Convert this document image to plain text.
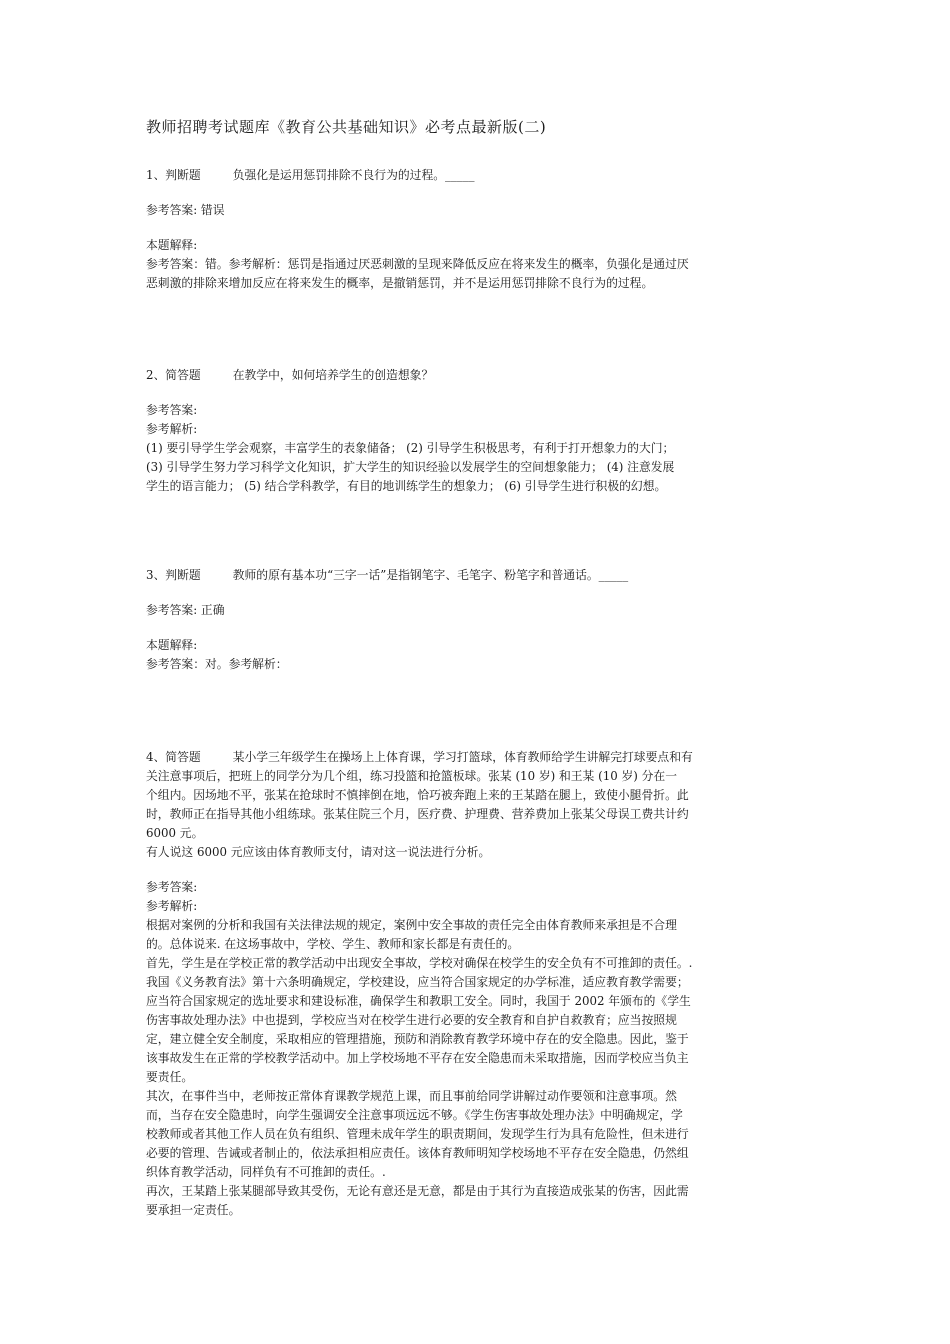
教师招聘考试题库《教育公共基础知识》必考点最新版(二)
1、判断题	负强化是运用惩罚排除不良行为的过程。_____
参考答案: 错误
本题解释:
参考答案：错。参考解析：惩罚是指通过厌恶刺激的呈现来降低反应在将来发生的概率，负强化是通过厌
恶刺激的排除来增加反应在将来发生的概率，是撤销惩罚，并不是运用惩罚排除不良行为的过程。
2、简答题	在教学中，如何培养学生的创造想象？
参考答案:
参考解析:
(1) 要引导学生学会观察，丰富学生的表象储备； (2) 引导学生积极思考，有利于打开想象力的大门；
(3) 引导学生努力学习科学文化知识，扩大学生的知识经验以发展学生的空间想象能力； (4) 注意发展
学生的语言能力； (5) 结合学科教学，有目的地训练学生的想象力； (6) 引导学生进行积极的幻想。
3、判断题	教师的原有基本功“三字一话”是指钢笔字、毛笔字、粉笔字和普通话。_____
参考答案: 正确
本题解释:
参考答案：对。参考解析：
4、简答题	某小学三年级学生在操场上上体育课，学习打篮球，体育教师给学生讲解完打球要点和有
关注意事项后，把班上的同学分为几个组，练习投篮和抢篮板球。张某 (10 岁) 和王某 (10 岁) 分在一
个组内。因场地不平，张某在抢球时不慎摔倒在地，恰巧被奔跑上来的王某踏在腿上，致使小腿骨折。此
时，教师正在指导其他小组练球。张某住院三个月，医疗费、护理费、营养费加上张某父母误工费共计约
6000 元。
有人说这 6000 元应该由体育教师支付，请对这一说法进行分析。
参考答案:
参考解析:
根据对案例的分析和我国有关法律法规的规定，案例中安全事故的责任完全由体育教师来承担是不合理
的。总体说来. 在这场事故中，学校、学生、教师和家长都是有责任的。
首先，学生是在学校正常的教学活动中出现安全事故，学校对确保在校学生的安全负有不可推卸的责任。.
我国《义务教育法》第十六条明确规定，学校建设，应当符合国家规定的办学标准，适应教育教学需要；
应当符合国家规定的选址要求和建设标准，确保学生和教职工安全。同时，我国于 2002 年颁布的《学生
伤害事故处理办法》中也提到，学校应当对在校学生进行必要的安全教育和自护自救教育；应当按照规
定，建立健全安全制度，采取相应的管理措施，预防和消除教育教学环境中存在的安全隐患。因此，鉴于
该事故发生在正常的学校教学活动中。加上学校场地不平存在安全隐患而未采取措施，因而学校应当负主
要责任。
其次，在事件当中，老师按正常体育课教学规范上课，而且事前给同学讲解过动作要领和注意事项。然
而，当存在安全隐患时，向学生强调安全注意事项远远不够。《学生伤害事故处理办法》中明确规定，学
校教师或者其他工作人员在负有组织、管理未成年学生的职责期间，发现学生行为具有危险性，但未进行
必要的管理、告诫或者制止的，依法承担相应责任。该体育教师明知学校场地不平存在安全隐患，仍然组
织体育教学活动，同样负有不可推卸的责任。.
再次，王某踏上张某腿部导致其受伤，无论有意还是无意，都是由于其行为直接造成张某的伤害，因此需
要承担一定责任。
